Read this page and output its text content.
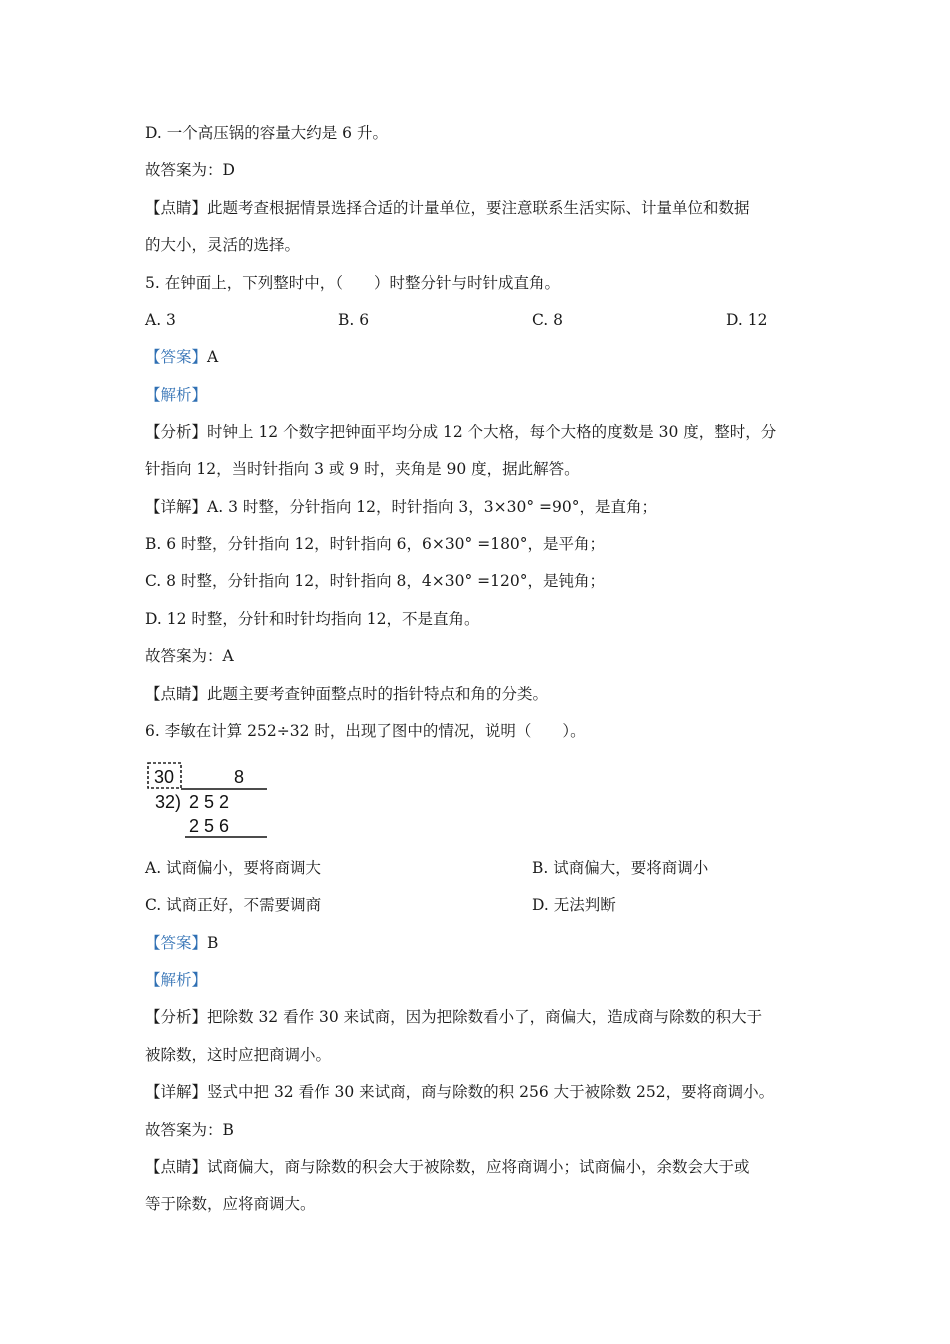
D. 一个高压锅的容量大约是 6 升。
故答案为：D
【点睛】此题考查根据情景选择合适的计量单位，要注意联系生活实际、计量单位和数据
的大小，灵活的选择。
5. 在钟面上，下列整时中，（　　）时整分针与时针成直角。
A. 3	B. 6	C. 8	D. 12
【答案】A
【解析】
【分析】时钟上 12 个数字把钟面平均分成 12 个大格，每个大格的度数是 30 度，整时，分
针指向 12，当时针指向 3 或 9 时，夹角是 90 度，据此解答。
【详解】A. 3 时整，分针指向 12，时针指向 3，3×30° =90°，是直角；
B. 6 时整，分针指向 12，时针指向 6，6×30° =180°，是平角；
C. 8 时整，分针指向 12，时针指向 8，4×30° =120°，是钝角；
D. 12 时整，分针和时针均指向 12，不是直角。
故答案为：A
【点睛】此题主要考查钟面整点时的指针特点和角的分类。
6. 李敏在计算 252÷32 时，出现了图中的情况，说明（　　）。
30	8
32) 2 5 2
2 5 6
A. 试商偏小，要将商调大	B. 试商偏大，要将商调小
C. 试商正好，不需要调商	D. 无法判断
【答案】B
【解析】
【分析】把除数 32 看作 30 来试商，因为把除数看小了，商偏大，造成商与除数的积大于
被除数，这时应把商调小。
【详解】竖式中把 32 看作 30 来试商，商与除数的积 256 大于被除数 252，要将商调小。
故答案为：B
【点睛】试商偏大，商与除数的积会大于被除数，应将商调小；试商偏小，余数会大于或
等于除数，应将商调大。
